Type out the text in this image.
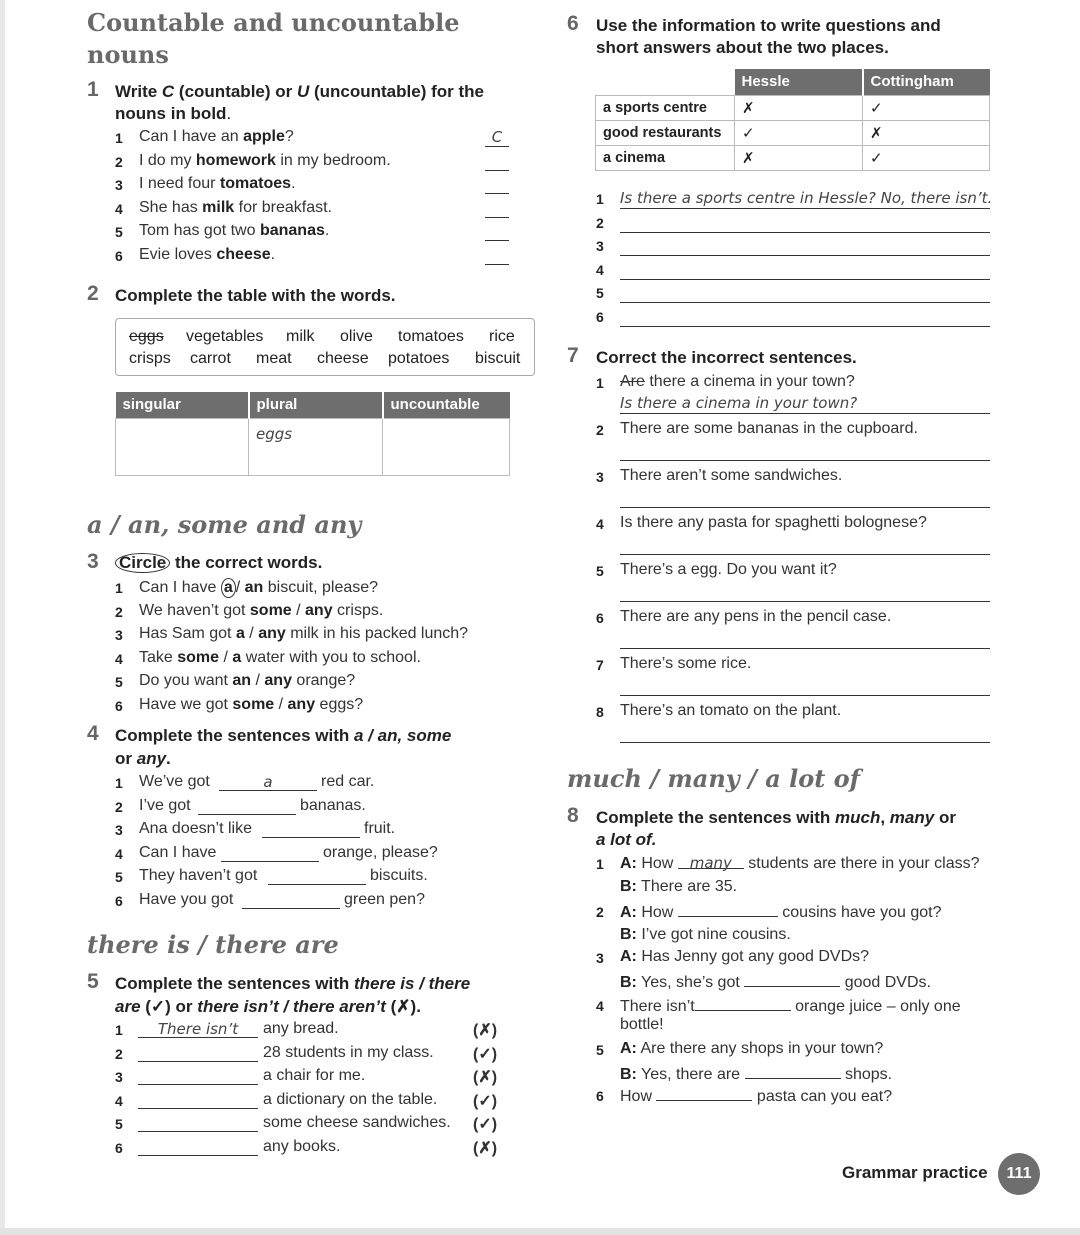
Countable and uncountable
nouns
1 Write C (countable) or U (uncountable) for the
nouns in bold.
2 Complete the table with the words.
singular	plural	uncountable
	eggs	
a / an, some and any
3 Circle the correct words.
4 Complete the sentences with a / an, some
or any.
there is / there are
5 Complete the sentences with there is / there
are (✓) or there isn’t / there aren’t (✗).
6 Use the information to write questions and
short answers about the two places.
	Hessle	Cottingham
a sports centre	✗	✓
good restaurants	✓	✗
a cinema	✗	✓
7 Correct the incorrect sentences.
much / many / a lot of
8 Complete the sentences with much, many or
a lot of.
1 A: How many students are there in your class?
B: There are 35.
2 A: How	cousins have you got?
B: I’ve got nine cousins.
3 A: Has Jenny got any good DVDs?
B: Yes, she’s got	good DVDs.
4 There isn’t	orange juice – only one
bottle!
5 A: Are there any shops in your town?
B: Yes, there are	shops.
6 How	pasta can you eat?
Grammar practice	111
1 Can I have an apple?	C
2 I do my homework in my bedroom.
3 I need four tomatoes.
4 She has milk for breakfast.
5 Tom has got two bananas.
6 Evie loves cheese.
eggs vegetables milk olive tomatoes rice
crisps carrot meat cheese potatoes biscuit
1 Can I have a / an biscuit, please?
2 We haven’t got some / any crisps.
3 Has Sam got a / any milk in his packed lunch?
4 Take some / a water with you to school.
5 Do you want an / any orange?
6 Have we got some / any eggs?
1 We’ve got	a	red car.
2 I’ve got	bananas.
3 Ana doesn’t like	fruit.
4 Can I have	orange, please?
5 They haven’t got	biscuits.
6 Have you got	green pen?
1	There isn’t	any bread.	(✗)
2	28 students in my class. (✓)
3	a chair for me.	(✗)
4	a dictionary on the table. (✓)
5	some cheese sandwiches. (✓)
6	any books.	(✗)
1 Is there a sports centre in Hessle? No, there isn’t.
2
3
4
5
6
1 Are there a cinema in your town?
Is there a cinema in your town?
2 There are some bananas in the cupboard.
3 There aren’t some sandwiches.
4 Is there any pasta for spaghetti bolognese?
5 There’s a egg. Do you want it?
6 There are any pens in the pencil case.
7 There’s some rice.
8 There’s an tomato on the plant.
